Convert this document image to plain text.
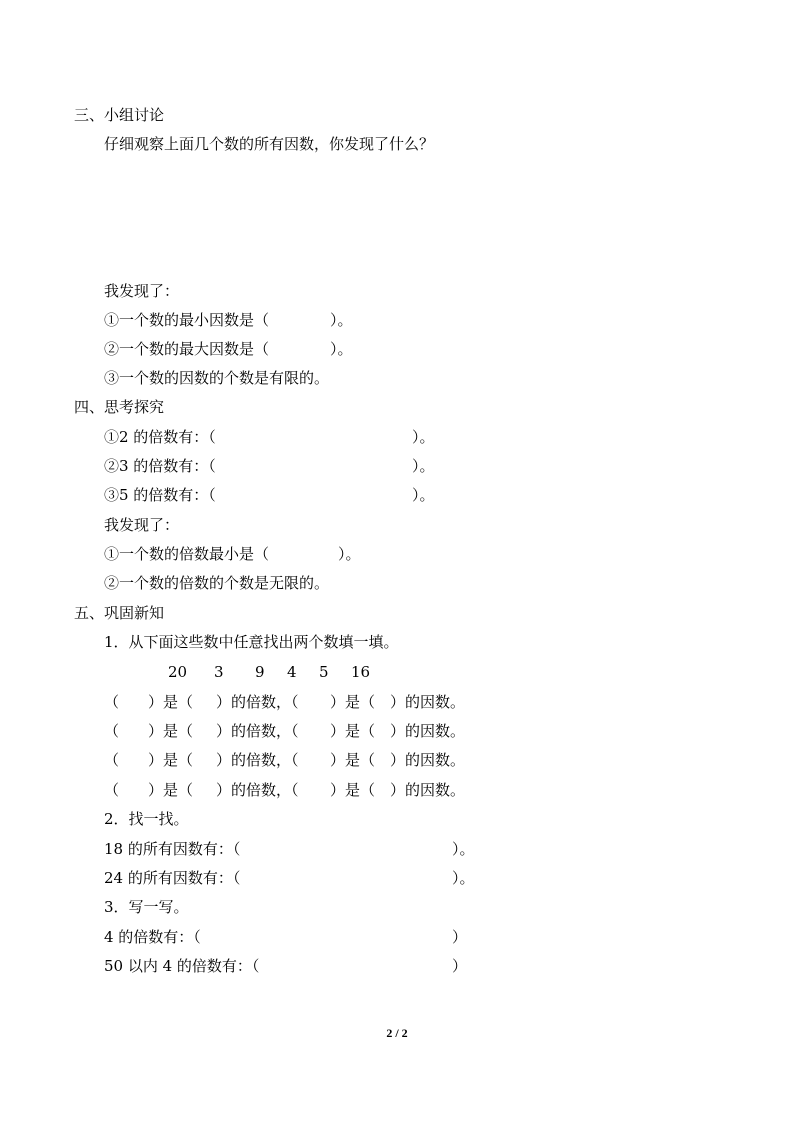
三、小组讨论
仔细观察上面几个数的所有因数，你发现了什么？
我发现了：
①一个数的最小因数是（	）。
②一个数的最大因数是（	）。
③一个数的因数的个数是有限的。
四、思考探究
①2 的倍数有：（	）。
②3 的倍数有：（	）。
③5 的倍数有：（	）。
我发现了：
①一个数的倍数最小是（	）。
②一个数的倍数的个数是无限的。
五、巩固新知
1．从下面这些数中任意找出两个数填一填。
20 3 9 4 5 16
（ ）是（ ）的倍数，（ ）是（ ）的因数。
（ ）是（ ）的倍数，（ ）是（ ）的因数。
（ ）是（ ）的倍数，（ ）是（ ）的因数。
（ ）是（ ）的倍数，（ ）是（ ）的因数。
2．找一找。
18 的所有因数有：（	）。
24 的所有因数有：（	）。
3．写一写。
4 的倍数有：（	）
50 以内 4 的倍数有：（	）
2 / 2
